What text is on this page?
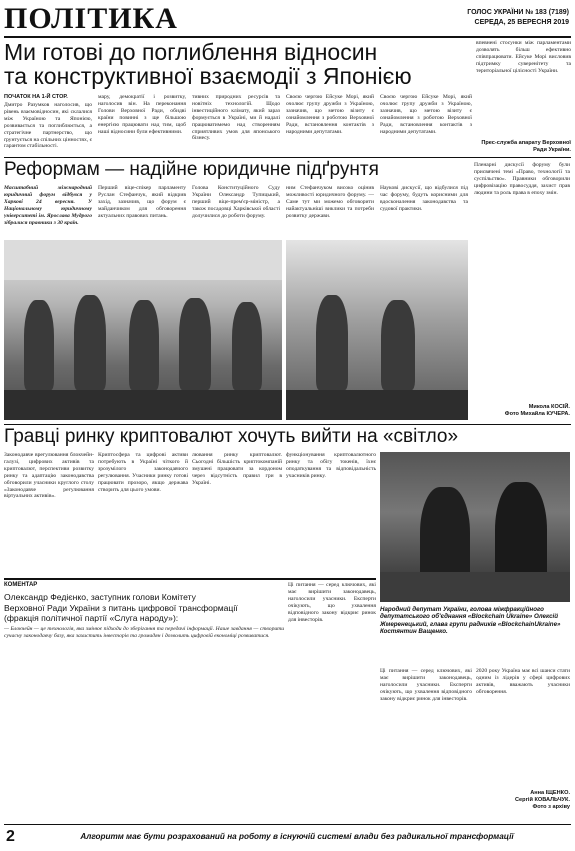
ПОЛІТИКА	ГОЛОС УКРАЇНИ № 183 (7189)
СЕРЕДА, 25 ВЕРЕСНЯ 2019
Ми готові до поглиблення відносин
та конструктивної взаємодії з Японією
впевнені стосунки між парламентами дозволять більш ефективно співпрацювати. Ейсуке Морі висловив підтримку суверенітету та територіальної цілісності України.
Прес-служба апарату Верховної Ради України.
ПОЧАТОК НА 1-Й СТОР.
Дмитро Разумков наголосив, що рівень взаємовідносин, які склалися між Україною та Японією, розвивається та поглиблюється, а стратегічне партнерство, що ґрунтується на спільних цінностях, є гарантом стабільності.
мару, демократії і розвитку, наголосив він. На переконання Голови Верховної Ради, обидві країни повинні з ще більшою енергією працювати над тим, щоб наші відносини були ефективними.
тивних природних ресурсів та новітніх технологій. Щодо інвестиційного клімату, який зараз формується в Україні, ми й надалі працюватимемо над створенням сприятливих умов для японського бізнесу.
Своєю чергою Ейсуке Морі, який очолює групу дружби з Україною, зазначив, що метою візиту є ознайомлення з роботою Верховної Ради, встановлення контактів з народними депутатами.
Своєю чергою Ейсуке Морі, який очолює групу дружби з Україною, зазначив, що метою візиту є ознайомлення з роботою Верховної Ради, встановлення контактів з народними депутатами.
Реформам — надійне юридичне підґрунтя
Масштабний міжнародний юридичний форум відбувся у Харкові 24 вересня. У Національному юридичному університеті ім. Ярослава Мудрого зібралися правники з 30 країн.
Перший віце-спікер парламенту Руслан Стефанчук, який відкрив захід, зазначив, що форум є майданчиком для обговорення актуальних правових питань.
Голова Конституційного Суду України Олександр Тупицький, перший віце-прем'єр-міністр, а також посадовці Харківської області долучилися до роботи форуму.
ним Стефанчуком високо оцінив можливості юридичного форуму. — Саме тут ми можемо обговорити найактуальніші виклики та потреби розвитку держави.
Наукові дискусії, що відбулися під час форуму, будуть корисними для вдосконалення законодавства та судової практики.
Пленарні дискусії форуму були присвячені темі «Право, технології та суспільство». Правники обговорили цифровізацію правосуддя, захист прав людини та роль права в епоху змін.
Микола КОСІЙ.
Фото Михайла КУЧЕРА.
Гравці ринку криптовалют хочуть вийти на «світло»
Законодавче врегулювання блокчейн-галузі, цифрових активів та криптовалют, перспективи розвитку ринку та адаптацію законодавства обговорили учасники круглого столу «Законодавче регулювання віртуальних активів».
Криптосфера та цифрові активи потребують в Україні чіткого й зрозумілого законодавчого регулювання. Учасники ринку готові працювати прозоро, якщо держава створить для цього умови.
лювання ринку криптовалют. Сьогодні більшість криптокомпаній змушені працювати за кордоном через відсутність правил гри в Україні.
функціонування криптовалютного ринку та обігу токенів, їхнє оподаткування та відповідальність учасників ринку.
Народний депутат України, голова міжфракційного депутатського об'єднання «Blockchain Ukraine» Олексій Жмеренецький, глава групи радників «BlockchainUkraine» Костянтин Ващенко.
КОМЕНТАР
Олександр Федієнко, заступник голови Комітету
Верховної Ради України з питань цифрової трансформації
(фракція політичної партії «Слуга народу»):
— Блокчейн — це технологія, яка змінює підходи до зберігання та передачі інформації. Наше завдання — створити сучасну законодавчу базу, яка захистить інвесторів та громадян і дозволить цифровій економіці розвиватися.
Ці питання — серед ключових, які має вирішити законодавець, наголосили учасники. Експерти очікують, що ухвалення відповідного закону відкриє ринок для інвесторів.
Ці питання — серед ключових, які має вирішити законодавець, наголосили учасники. Експерти очікують, що ухвалення відповідного закону відкриє ринок для інвесторів.
2020 року Україна має всі шанси стати одним із лідерів у сфері цифрових активів, вважають учасники обговорення.
Анна ІЩЕНКО.
Сергій КОВАЛЬЧУК.
Фото з архіву
2	Алгоритм має бути розрахований на роботу в існуючій системі влади без радикальної трансформації
